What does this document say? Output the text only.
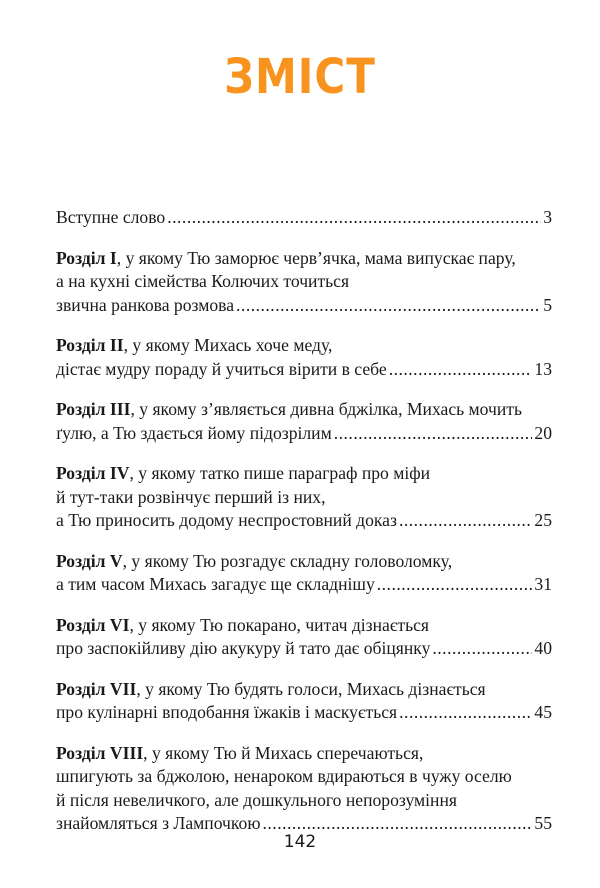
ЗМІСТ
Вступне слово .....	3
Розділ I, у якому Тю заморює черв’ячка, мама випускає пару,
а на кухні сімейства Колючих точиться
звична ранкова розмова .....	5
Розділ II, у якому Михась хоче меду,
дістає мудру пораду й учиться вірити в себе .....	13
Розділ III, у якому з’являється дивна бджілка, Михась мочить
ґулю, а Тю здається йому підозрілим .....	20
Розділ IV, у якому татко пише параграф про міфи
й тут-таки розвінчує перший із них,
а Тю приносить додому неспростовний доказ .....	25
Розділ V, у якому Тю розгадує складну головоломку,
а тим часом Михась загадує ще складнішу .....	31
Розділ VI, у якому Тю покарано, читач дізнається
про заспокійливу дію акукуру й тато дає обіцянку .....	40
Розділ VII, у якому Тю будять голоси, Михась дізнається
про кулінарні вподобання їжаків і маскується .....	45
Розділ VIII, у якому Тю й Михась сперечаються,
шпигують за бджолою, ненароком вдираються в чужу оселю
й після невеличкого, але дошкульного непорозуміння
знайомляться з Лампочкою .....	55
142
